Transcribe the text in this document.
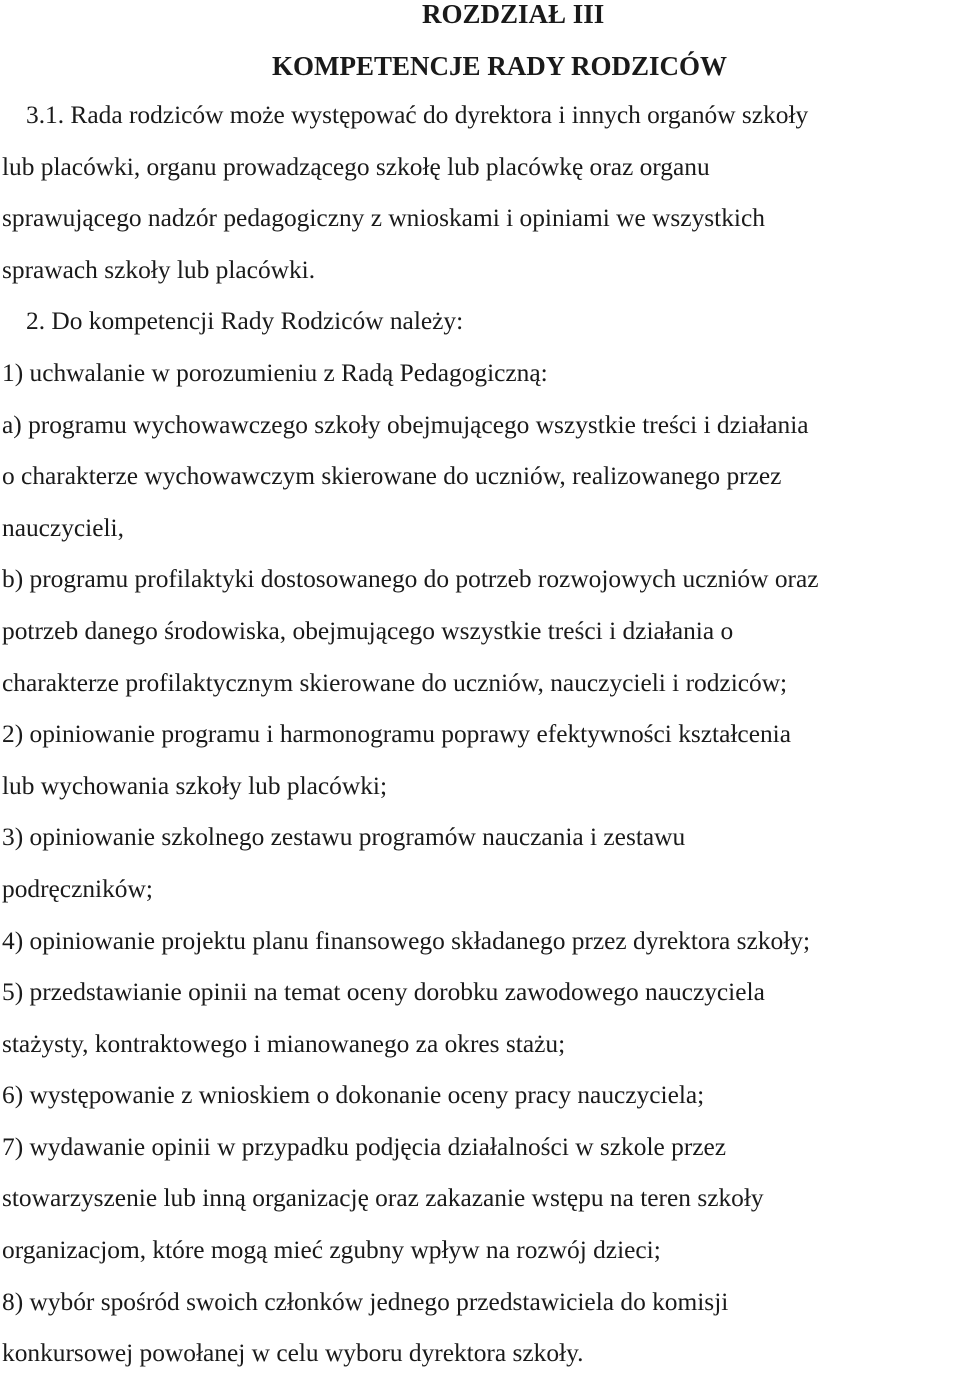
ROZDZIAŁ III
KOMPETENCJE RADY RODZICÓW
3.1. Rada rodziców może występować do dyrektora i innych organów szkoły
lub placówki, organu prowadzącego szkołę lub placówkę oraz organu
sprawującego nadzór pedagogiczny z wnioskami i opiniami we wszystkich
sprawach szkoły lub placówki.
2. Do kompetencji Rady Rodziców należy:
1) uchwalanie w porozumieniu z Radą Pedagogiczną:
a) programu wychowawczego szkoły obejmującego wszystkie treści i działania
o charakterze wychowawczym skierowane do uczniów, realizowanego przez
nauczycieli,
b) programu profilaktyki dostosowanego do potrzeb rozwojowych uczniów oraz
potrzeb danego środowiska, obejmującego wszystkie treści i działania o
charakterze profilaktycznym skierowane do uczniów, nauczycieli i rodziców;
2) opiniowanie programu i harmonogramu poprawy efektywności kształcenia
lub wychowania szkoły lub placówki;
3) opiniowanie szkolnego zestawu programów nauczania i zestawu
podręczników;
4) opiniowanie projektu planu finansowego składanego przez dyrektora szkoły;
5) przedstawianie opinii na temat oceny dorobku zawodowego nauczyciela
stażysty, kontraktowego i mianowanego za okres stażu;
6) występowanie z wnioskiem o dokonanie oceny pracy nauczyciela;
7) wydawanie opinii w przypadku podjęcia działalności w szkole przez
stowarzyszenie lub inną organizację oraz zakazanie wstępu na teren szkoły
organizacjom, które mogą mieć zgubny wpływ na rozwój dzieci;
8) wybór spośród swoich członków jednego przedstawiciela do komisji
konkursowej powołanej w celu wyboru dyrektora szkoły.
